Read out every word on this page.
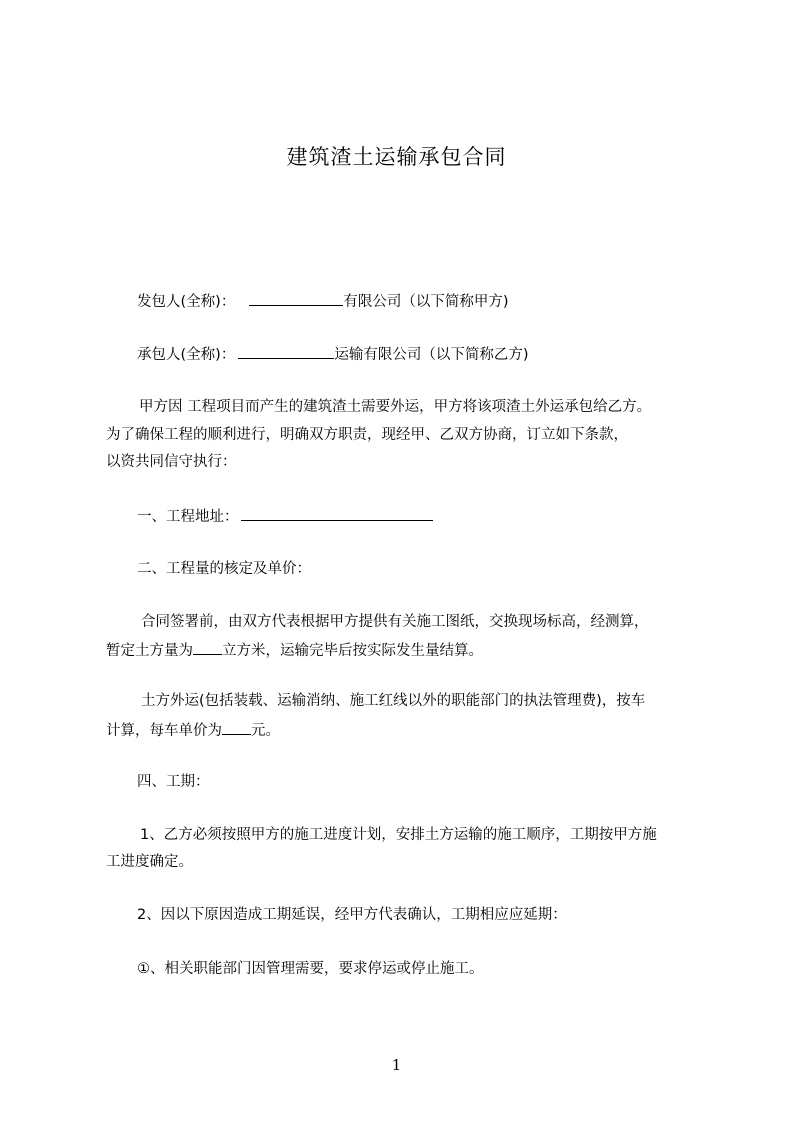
建筑渣土运输承包合同
发包人(全称)：	有限公司（以下简称甲方)
承包人(全称)：	运输有限公司（以下简称乙方)
甲方因 工程项目而产生的建筑渣土需要外运，甲方将该项渣土外运承包给乙方。
为了确保工程的顺利进行，明确双方职责，现经甲、乙双方协商，订立如下条款，
以资共同信守执行：
一、工程地址：
二、工程量的核定及单价：
合同签署前，由双方代表根据甲方提供有关施工图纸，交换现场标高，经测算，
暂定土方量为 立方米，运输完毕后按实际发生量结算。
土方外运(包括装载、运输消纳、施工红线以外的职能部门的执法管理费)，按车
计算，每车单价为 元。
四、工期：
1、乙方必须按照甲方的施工进度计划，安排土方运输的施工顺序，工期按甲方施
工进度确定。
2、因以下原因造成工期延误，经甲方代表确认，工期相应应延期：
①、相关职能部门因管理需要，要求停运或停止施工。
1
